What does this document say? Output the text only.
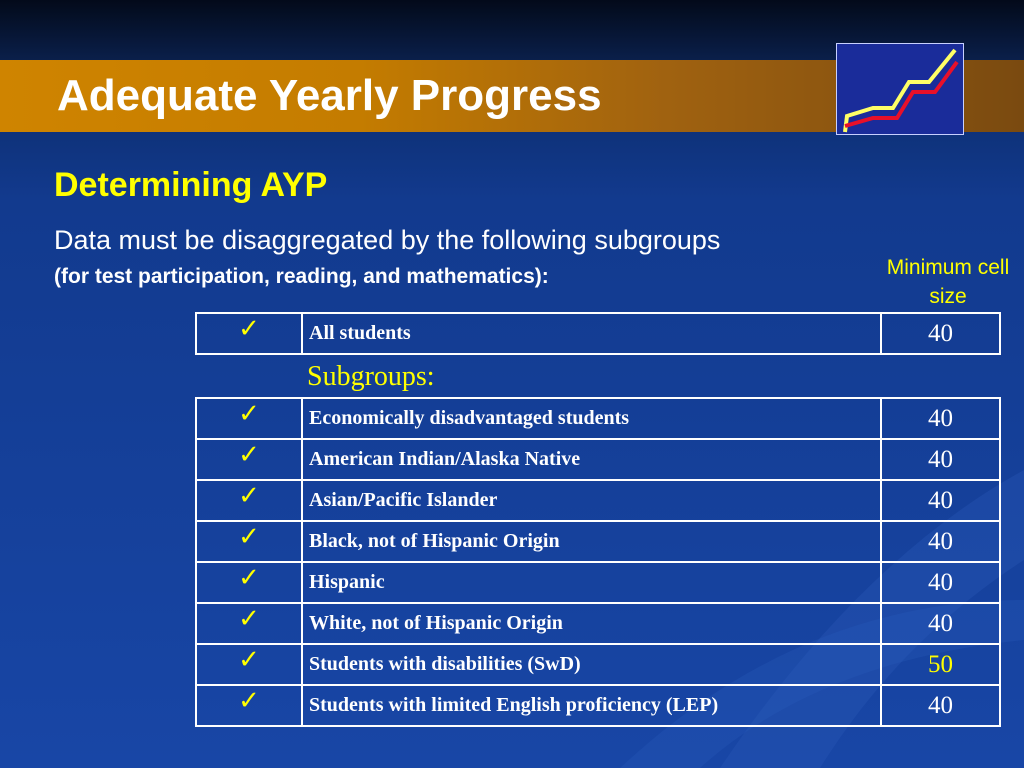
Adequate Yearly Progress
Determining AYP

Data must be disaggregated by the following subgroups

(for test participation, reading, and mathematics):	Minimum cell size

✓	All students	40

Subgroups:

✓	Economically disadvantaged students	40
✓	American Indian/Alaska Native	40
✓	Asian/Pacific Islander	40
✓	Black, not of Hispanic Origin	40
✓	Hispanic	40
✓	White, not of Hispanic Origin	40
✓	Students with disabilities (SwD)	50
✓	Students with limited English proficiency (LEP)	40
